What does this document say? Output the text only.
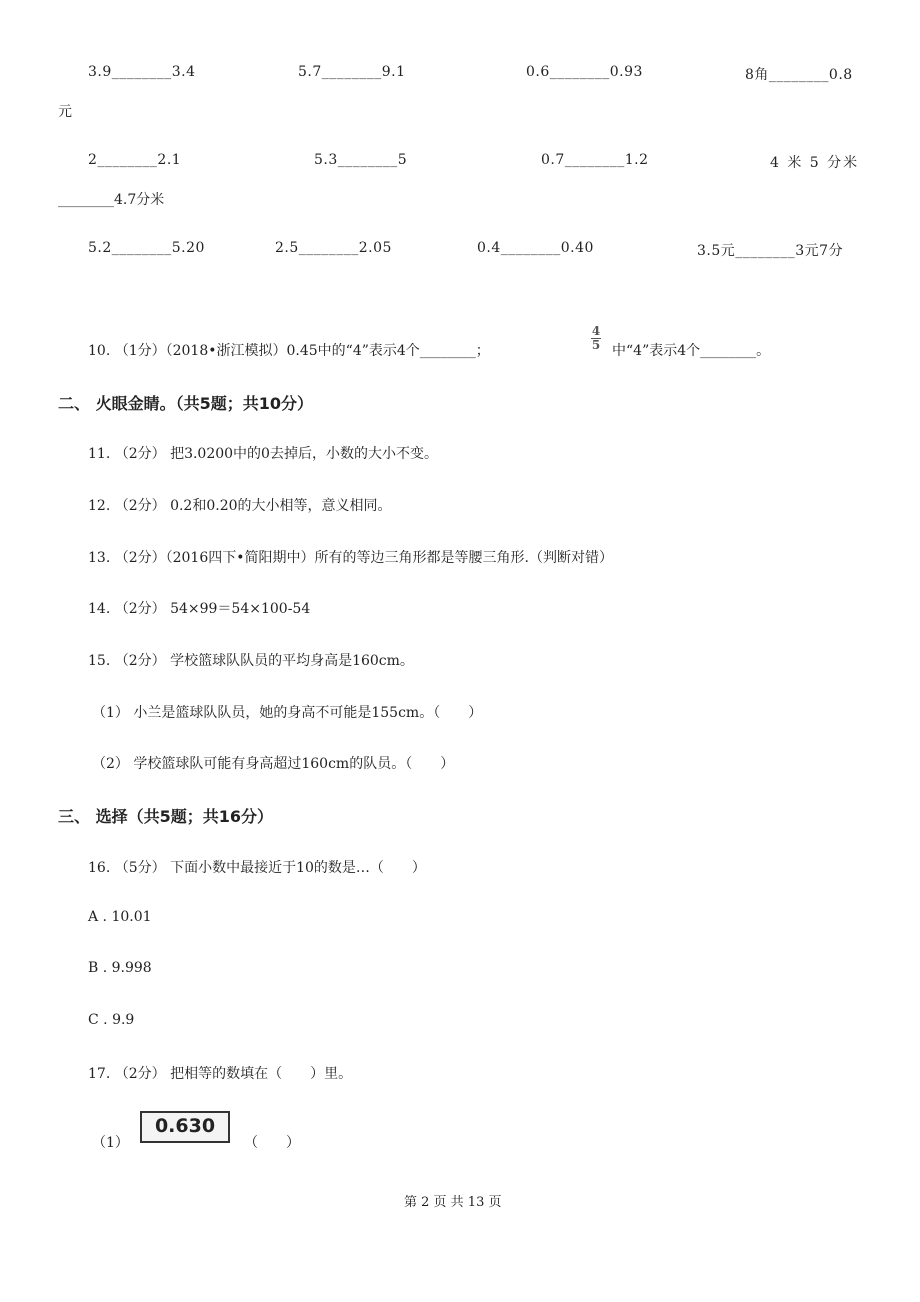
3.9________3.4	5.7________9.1	0.6________0.93	8角________0.8
元
2________2.1	5.3________5	0.7________1.2	4 米 5 分米
________4.7分米
5.2________5.20	2.5________2.05	0.4________0.40	3.5元________3元7分
10. （1分）（2018•浙江模拟）0.45中的“4”表示4个________；
4
5 中“4”表示4个________。
二、 火眼金睛。（共5题；共10分）
11. （2分） 把3.0200中的0去掉后，小数的大小不变。
12. （2分） 0.2和0.20的大小相等，意义相同。
13. （2分）（2016四下•简阳期中）所有的等边三角形都是等腰三角形.（判断对错）
14. （2分） 54×99＝54×100-54
15. （2分） 学校篮球队队员的平均身高是160cm。
（1） 小兰是篮球队队员，她的身高不可能是155cm。（　　）
（2） 学校篮球队可能有身高超过160cm的队员。（　　）
三、 选择（共5题；共16分）
16. （5分） 下面小数中最接近于10的数是…（　　）
A . 10.01
B . 9.998
C . 9.9
17. （2分） 把相等的数填在（　　）里。
（1）
0.630
（　　）
第 2 页 共 13 页
